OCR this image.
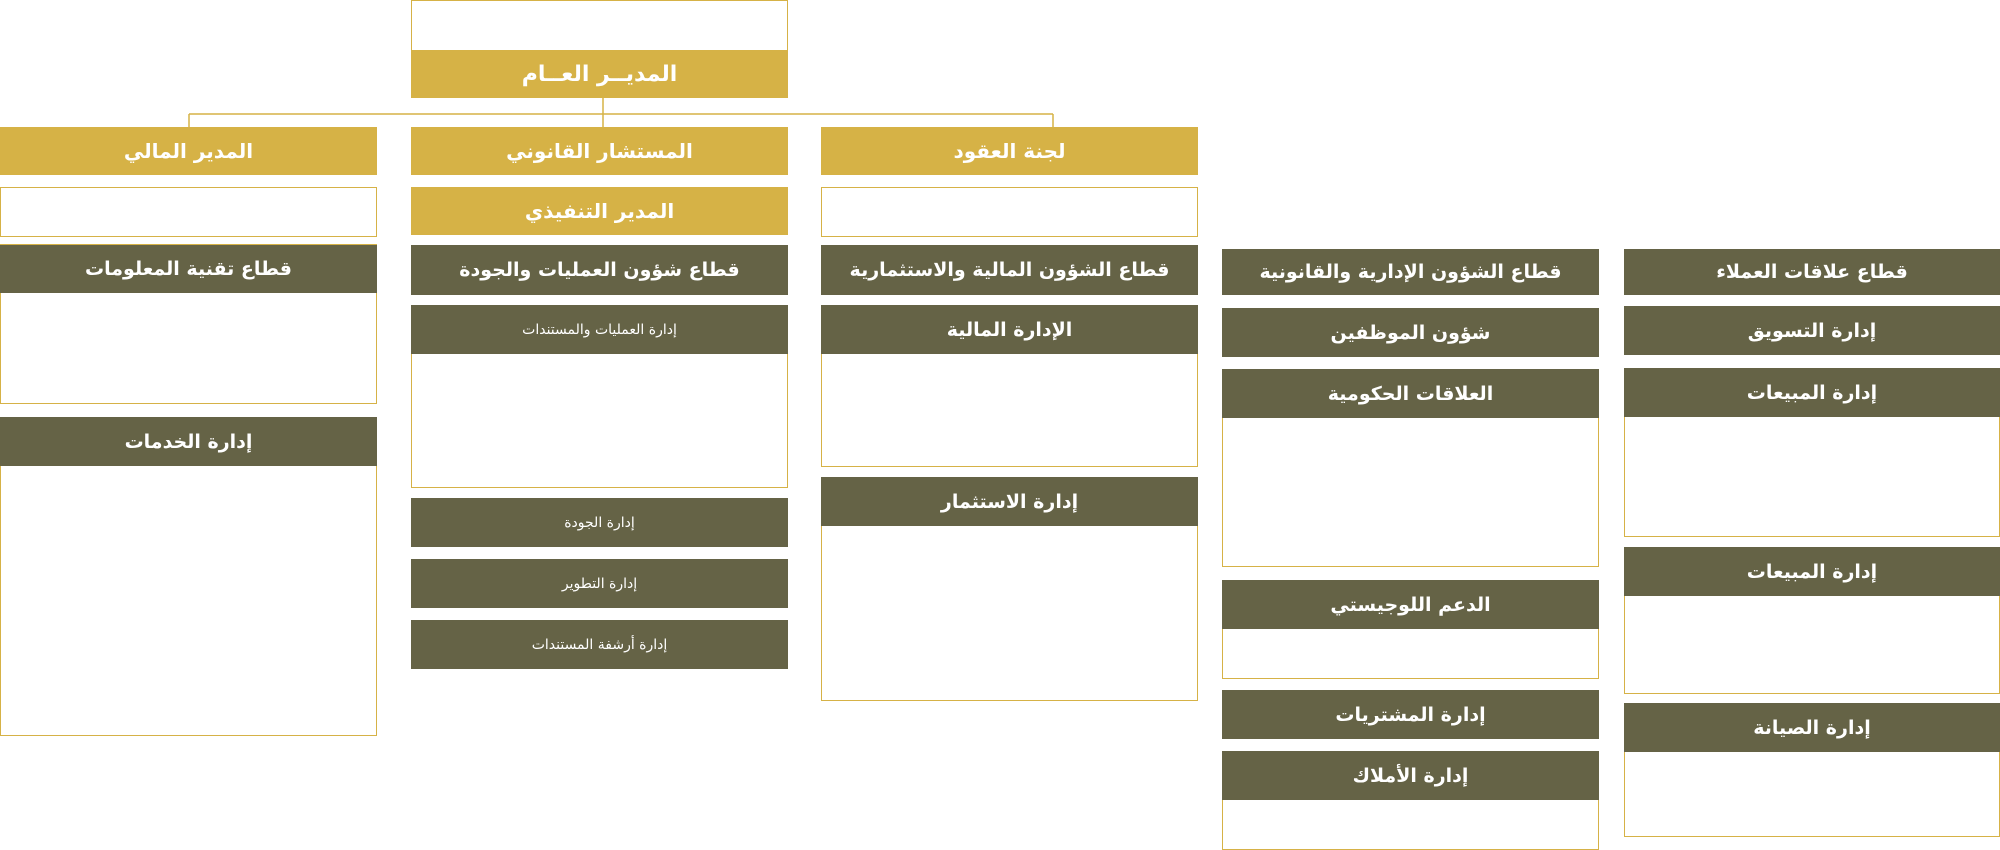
المديــر العــام
المدير المالي	المستشار القانوني	لجنة العقود
المدير التنفيذي
قطاع تقنية المعلومات
إدارة الخدمات
قطاع شؤون العمليات والجودة
إدارة العمليات والمستندات
إدارة الجودة
إدارة التطوير
إدارة أرشفة المستندات
قطاع الشؤون المالية والاستثمارية
الإدارة المالية
إدارة الاستثمار
قطاع الشؤون الإدارية والقانونية
شؤون الموظفين
العلاقات الحكومية
الدعم اللوجيستي
إدارة المشتريات
إدارة الأملاك
قطاع علاقات العملاء
إدارة التسويق
إدارة المبيعات
إدارة المبيعات
إدارة الصيانة
